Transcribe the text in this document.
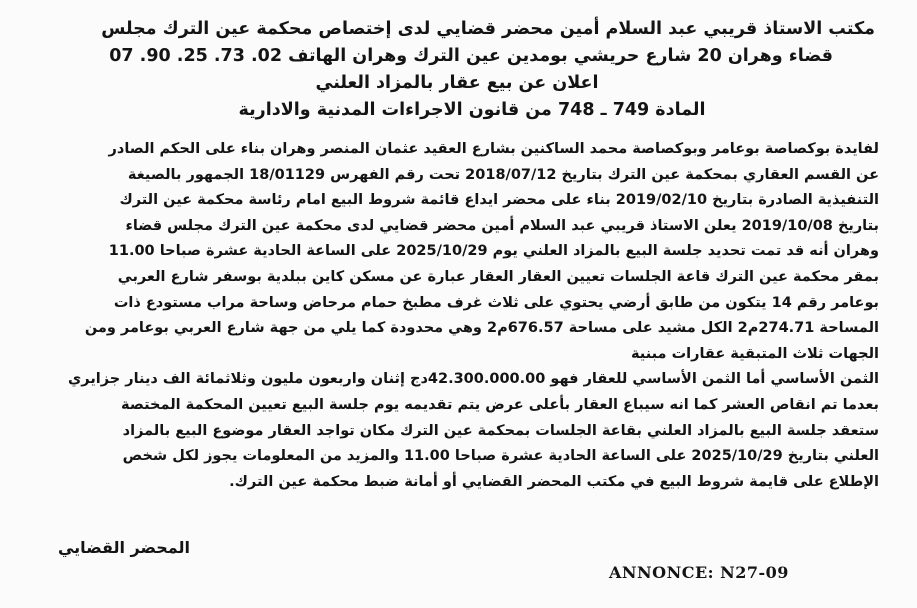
مكتب الاستاذ قريبي عبد السلام أمين محضر قضايي لدى إختصاص محكمة عين الترك مجلس
قضاء وهران 20 شارع حريشي بومدين عين الترك وهران الهاتف 02. 73. 25. 90. 07
اعلان عن بيع عقار بالمزاد العلني
المادة 749 ـ 748 من قانون الاجراءات المدنية والادارية
لفايدة بوكصاصة بوعامر وبوكصاصة محمد الساكنين بشارع العقيد عثمان المنصر وهران بناء على الحكم الصادر
عن القسم العقاري بمحكمة عين الترك بتاريخ 2018/07/12 تحت رقم الفهرس 18/01129 الجمهور بالصيغة
التنفيذية الصادرة بتاريخ 2019/02/10 بناء على محضر ايداع قائمة شروط البيع امام رئاسة محكمة عين الترك
بتاريخ 2019/10/08 يعلن الاستاذ قريبي عبد السلام أمين محضر قضايي لدى محكمة عين الترك مجلس قضاء
وهران أنه قد تمت تحديد جلسة البيع بالمزاد العلني يوم 2025/10/29 على الساعة الحادية عشرة صباحا 11.00
بمقر محكمة عين الترك قاعة الجلسات تعيين العقار العقار عبارة عن مسكن كاين ببلدية بوسفر شارع العربي
بوعامر رقم 14 يتكون من طابق أرضي يحتوي على ثلاث غرف مطبخ حمام مرحاض وساحة مراب مستودع ذات
المساحة 274.71م2 الكل مشيد على مساحة 676.57م2 وهي محدودة كما يلي من جهة شارع العربي بوعامر ومن
الجهات ثلاث المتبقية عقارات مبنية
الثمن الأساسي أما الثمن الأساسي للعقار فهو 42.300.000.00دج إثنان واربعون مليون وثلاثمائة الف دينار جزايري
بعدما تم انقاص العشر كما انه سيباع العقار بأعلى عرض يتم تقديمه يوم جلسة البيع تعيين المحكمة المختصة
ستعقد جلسة البيع بالمزاد العلني بقاعة الجلسات بمحكمة عين الترك مكان تواجد العقار موضوع البيع بالمزاد
العلني بتاريخ 2025/10/29 على الساعة الحادية عشرة صباحا 11.00 والمزيد من المعلومات يجوز لكل شخص
الإطلاع على قايمة شروط البيع في مكتب المحضر القضايي أو أمانة ضبط محكمة عين الترك.
المحضر القضايي
ANNONCE: N27-09
